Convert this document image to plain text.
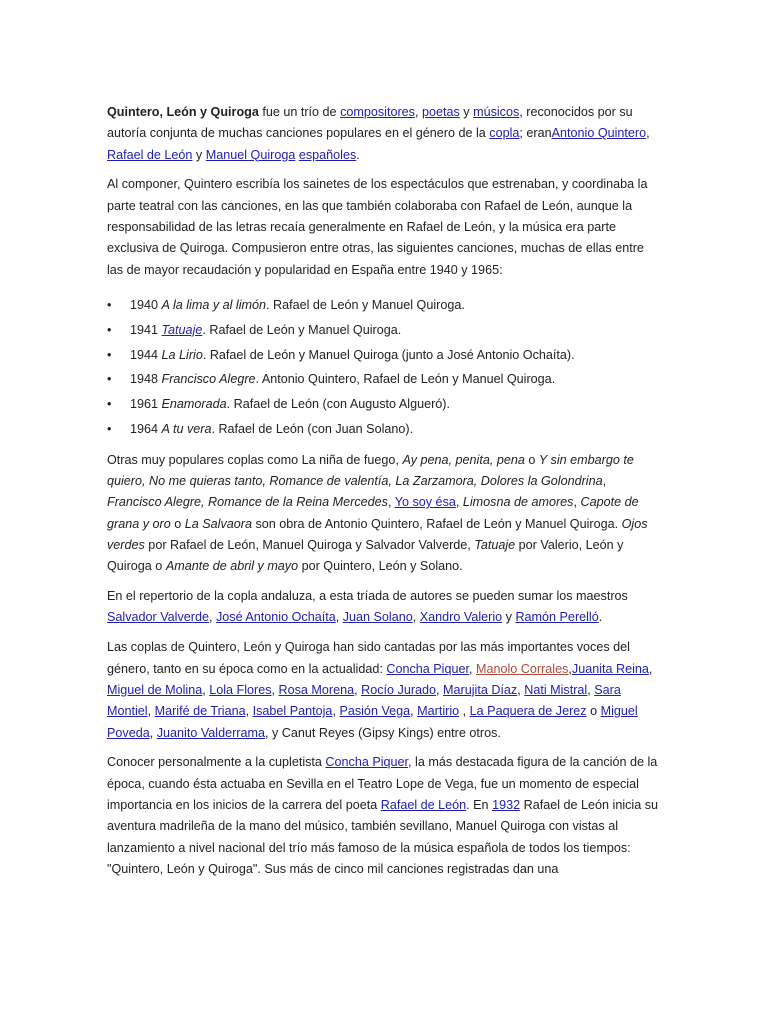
Quintero, León y Quiroga fue un trío de compositores, poetas y músicos, reconocidos por su autoría conjunta de muchas canciones populares en el género de la copla; eranAntonio Quintero, Rafael de León y Manuel Quiroga españoles.

Al componer, Quintero escribía los sainetes de los espectáculos que estrenaban, y coordinaba la parte teatral con las canciones, en las que también colaboraba con Rafael de León, aunque la responsabilidad de las letras recaía generalmente en Rafael de León, y la música era parte exclusiva de Quiroga. Compusieron entre otras, las siguientes canciones, muchas de ellas entre las de mayor recaudación y popularidad en España entre 1940 y 1965:

• 1940 A la lima y al limón. Rafael de León y Manuel Quiroga.
• 1941 Tatuaje. Rafael de León y Manuel Quiroga.
• 1944 La Lirio. Rafael de León y Manuel Quiroga (junto a José Antonio Ochaíta).
• 1948 Francisco Alegre. Antonio Quintero, Rafael de León y Manuel Quiroga.
• 1961 Enamorada. Rafael de León (con Augusto Algueró).
• 1964 A tu vera. Rafael de León (con Juan Solano).

Otras muy populares coplas como La niña de fuego, Ay pena, penita, pena o Y sin embargo te quiero, No me quieras tanto, Romance de valentía, La Zarzamora, Dolores la Golondrina, Francisco Alegre, Romance de la Reina Mercedes, Yo soy ésa, Limosna de amores, Capote de grana y oro o La Salvaora son obra de Antonio Quintero, Rafael de León y Manuel Quiroga. Ojos verdes por Rafael de León, Manuel Quiroga y Salvador Valverde, Tatuaje por Valerio, León y Quiroga o Amante de abril y mayo por Quintero, León y Solano.

En el repertorio de la copla andaluza, a esta tríada de autores se pueden sumar los maestros Salvador Valverde, José Antonio Ochaíta, Juan Solano, Xandro Valerio y Ramón Perelló.

Las coplas de Quintero, León y Quiroga han sido cantadas por las más importantes voces del género, tanto en su época como en la actualidad: Concha Piquer, Manolo Corrales,Juanita Reina, Miguel de Molina, Lola Flores, Rosa Morena, Rocío Jurado, Marujita Díaz, Nati Mistral, Sara Montiel, Marifé de Triana, Isabel Pantoja, Pasión Vega, Martirio , La Paquera de Jerez o Miguel Poveda, Juanito Valderrama, y Canut Reyes (Gipsy Kings) entre otros.

Conocer personalmente a la cupletista Concha Piquer, la más destacada figura de la canción de la época, cuando ésta actuaba en Sevilla en el Teatro Lope de Vega, fue un momento de especial importancia en los inicios de la carrera del poeta Rafael de León. En 1932 Rafael de León inicia su aventura madrileña de la mano del músico, también sevillano, Manuel Quiroga con vistas al lanzamiento a nivel nacional del trío más famoso de la música española de todos los tiempos: "Quintero, León y Quiroga". Sus más de cinco mil canciones registradas dan una
